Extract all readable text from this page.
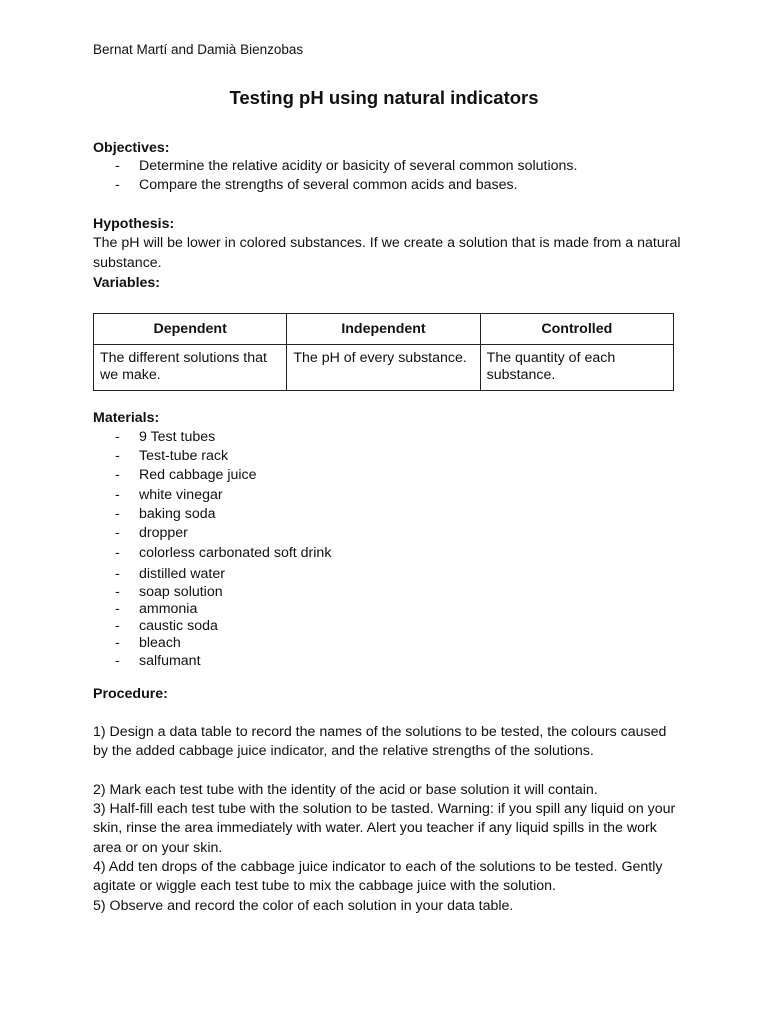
Bernat Martí and Damià Bienzobas
Testing pH using natural indicators
Objectives:
- Determine the relative acidity or basicity of several common solutions.
- Compare the strengths of several common acids and bases.
Hypothesis:
The pH will be lower in colored substances. If we create a solution that is made from a natural substance.
Variables:
Dependent	Independent	Controlled
The different solutions that we make.	The pH of every substance.	The quantity of each substance.
Materials:
- 9 Test tubes
- Test-tube rack
- Red cabbage juice
- white vinegar
- baking soda
- dropper
- colorless carbonated soft drink
- distilled water
- soap solution
- ammonia
- caustic soda
- bleach
- salfumant
Procedure:

1) Design a data table to record the names of the solutions to be tested, the colours caused by the added cabbage juice indicator, and the relative strengths of the solutions.

2) Mark each test tube with the identity of the acid or base solution it will contain.

3) Half-fill each test tube with the solution to be tasted. Warning: if you spill any liquid on your skin, rinse the area immediately with water. Alert you teacher if any liquid spills in the work area or on your skin.

4) Add ten drops of the cabbage juice indicator to each of the solutions to be tested. Gently agitate or wiggle each test tube to mix the cabbage juice with the solution.

5) Observe and record the color of each solution in your data table.
